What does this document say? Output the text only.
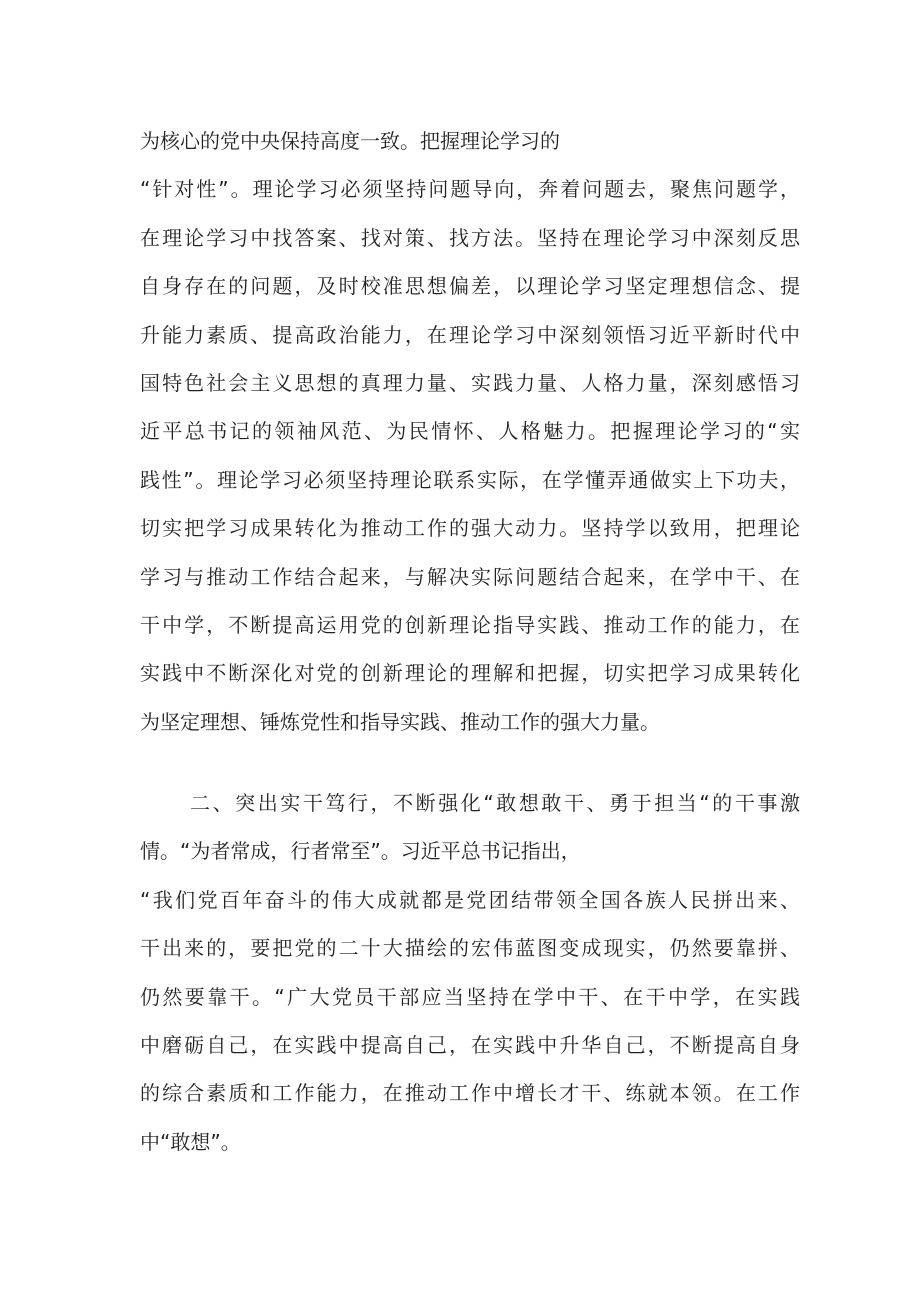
为核心的党中央保持高度一致。把握理论学习的
“针对性”。理论学习必须坚持问题导向，奔着问题去，聚焦问题学，
在理论学习中找答案、找对策、找方法。坚持在理论学习中深刻反思
自身存在的问题，及时校准思想偏差，以理论学习坚定理想信念、提
升能力素质、提高政治能力，在理论学习中深刻领悟习近平新时代中
国特色社会主义思想的真理力量、实践力量、人格力量，深刻感悟习
近平总书记的领袖风范、为民情怀、人格魅力。把握理论学习的“实
践性”。理论学习必须坚持理论联系实际，在学懂弄通做实上下功夫，
切实把学习成果转化为推动工作的强大动力。坚持学以致用，把理论
学习与推动工作结合起来，与解决实际问题结合起来，在学中干、在
干中学，不断提高运用党的创新理论指导实践、推动工作的能力，在
实践中不断深化对党的创新理论的理解和把握，切实把学习成果转化
为坚定理想、锤炼党性和指导实践、推动工作的强大力量。
二、突出实干笃行，不断强化“敢想敢干、勇于担当“的干事激
情。“为者常成，行者常至”。习近平总书记指出，
“我们党百年奋斗的伟大成就都是党团结带领全国各族人民拼出来、
干出来的，要把党的二十大描绘的宏伟蓝图变成现实，仍然要靠拼、
仍然要靠干。“广大党员干部应当坚持在学中干、在干中学，在实践
中磨砺自己，在实践中提高自己，在实践中升华自己，不断提高自身
的综合素质和工作能力，在推动工作中增长才干、练就本领。在工作
中“敢想”。
